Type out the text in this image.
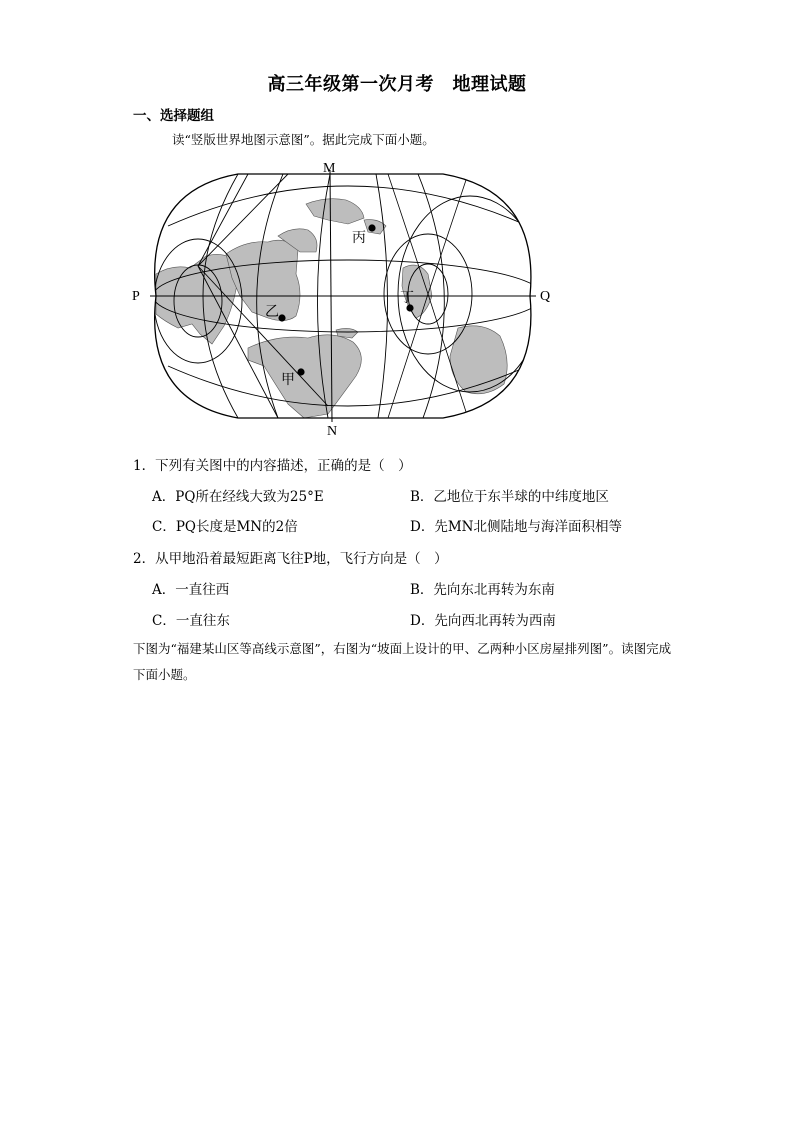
高三年级第一次月考　地理试题
一、选择题组
读“竖版世界地图示意图”。据此完成下面小题。
M
N
P	Q
丙
丁
乙
甲
1．下列有关图中的内容描述，正确的是（　）
A．PQ所在经线大致为25°E	B．乙地位于东半球的中纬度地区
C．PQ长度是MN的2倍	D．先MN北侧陆地与海洋面积相等
2．从甲地沿着最短距离飞往P地，飞行方向是（　）
A．一直往西	B．先向东北再转为东南
C．一直往东	D．先向西北再转为西南
下图为“福建某山区等高线示意图”，右图为“坡面上设计的甲、乙两种小区房屋排列图”。读图完成下面小题。
